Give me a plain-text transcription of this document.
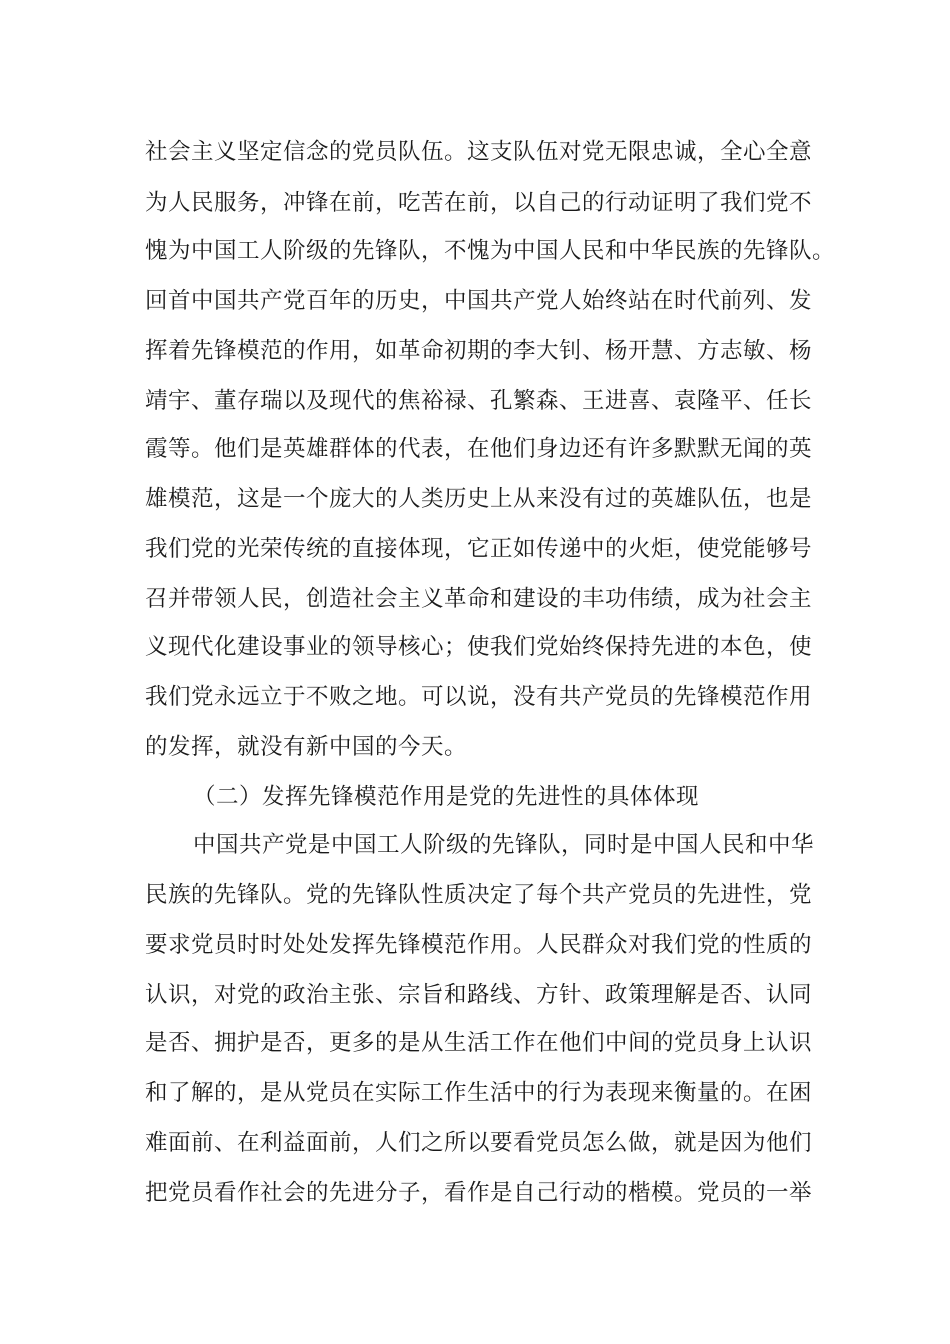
社会主义坚定信念的党员队伍。这支队伍对党无限忠诚，全心全意
为人民服务，冲锋在前，吃苦在前，以自己的行动证明了我们党不
愧为中国工人阶级的先锋队，不愧为中国人民和中华民族的先锋队。
回首中国共产党百年的历史，中国共产党人始终站在时代前列、发
挥着先锋模范的作用，如革命初期的李大钊、杨开慧、方志敏、杨
靖宇、董存瑞以及现代的焦裕禄、孔繁森、王进喜、袁隆平、任长
霞等。他们是英雄群体的代表，在他们身边还有许多默默无闻的英
雄模范，这是一个庞大的人类历史上从来没有过的英雄队伍，也是
我们党的光荣传统的直接体现，它正如传递中的火炬，使党能够号
召并带领人民，创造社会主义革命和建设的丰功伟绩，成为社会主
义现代化建设事业的领导核心；使我们党始终保持先进的本色，使
我们党永远立于不败之地。可以说，没有共产党员的先锋模范作用
的发挥，就没有新中国的今天。
（二）发挥先锋模范作用是党的先进性的具体体现
中国共产党是中国工人阶级的先锋队，同时是中国人民和中华
民族的先锋队。党的先锋队性质决定了每个共产党员的先进性，党
要求党员时时处处发挥先锋模范作用。人民群众对我们党的性质的
认识，对党的政治主张、宗旨和路线、方针、政策理解是否、认同
是否、拥护是否，更多的是从生活工作在他们中间的党员身上认识
和了解的，是从党员在实际工作生活中的行为表现来衡量的。在困
难面前、在利益面前，人们之所以要看党员怎么做，就是因为他们
把党员看作社会的先进分子，看作是自己行动的楷模。党员的一举
